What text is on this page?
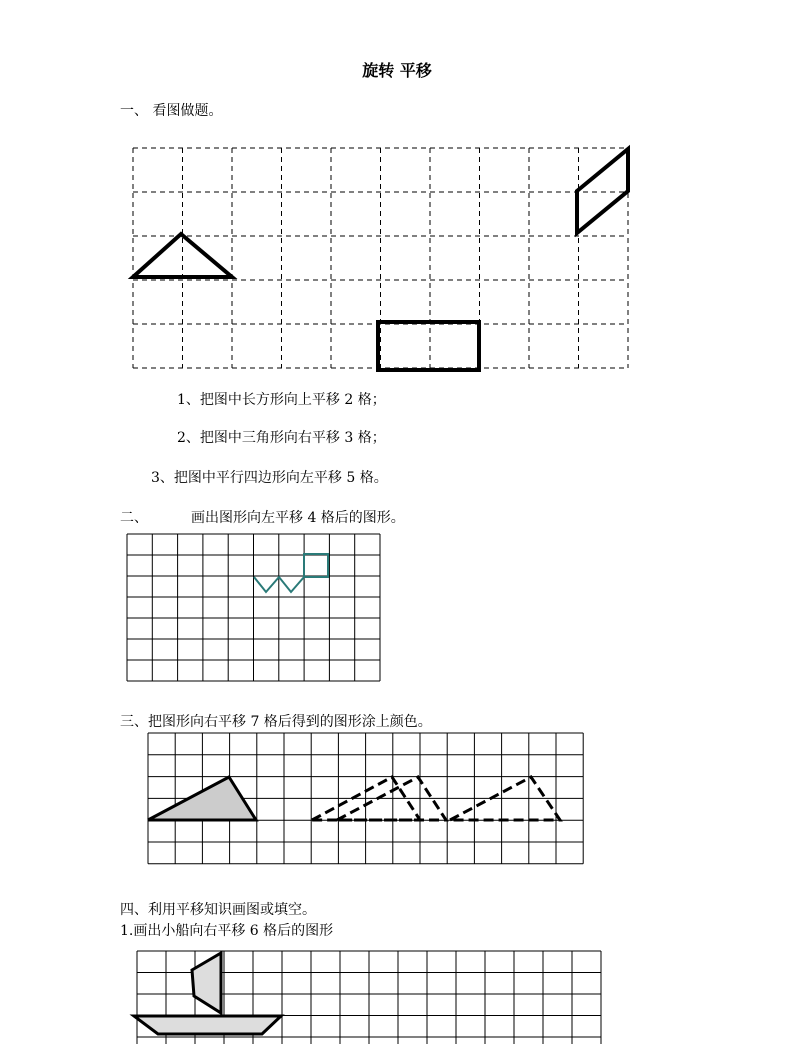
旋转 平移
一、 看图做题。
1、把图中长方形向上平移 2 格；
2、把图中三角形向右平移 3 格；
3、把图中平行四边形向左平移 5 格。
二、	画出图形向左平移 4 格后的图形。
三、把图形向右平移 7 格后得到的图形涂上颜色。
四、利用平移知识画图或填空。
1.画出小船向右平移 6 格后的图形
